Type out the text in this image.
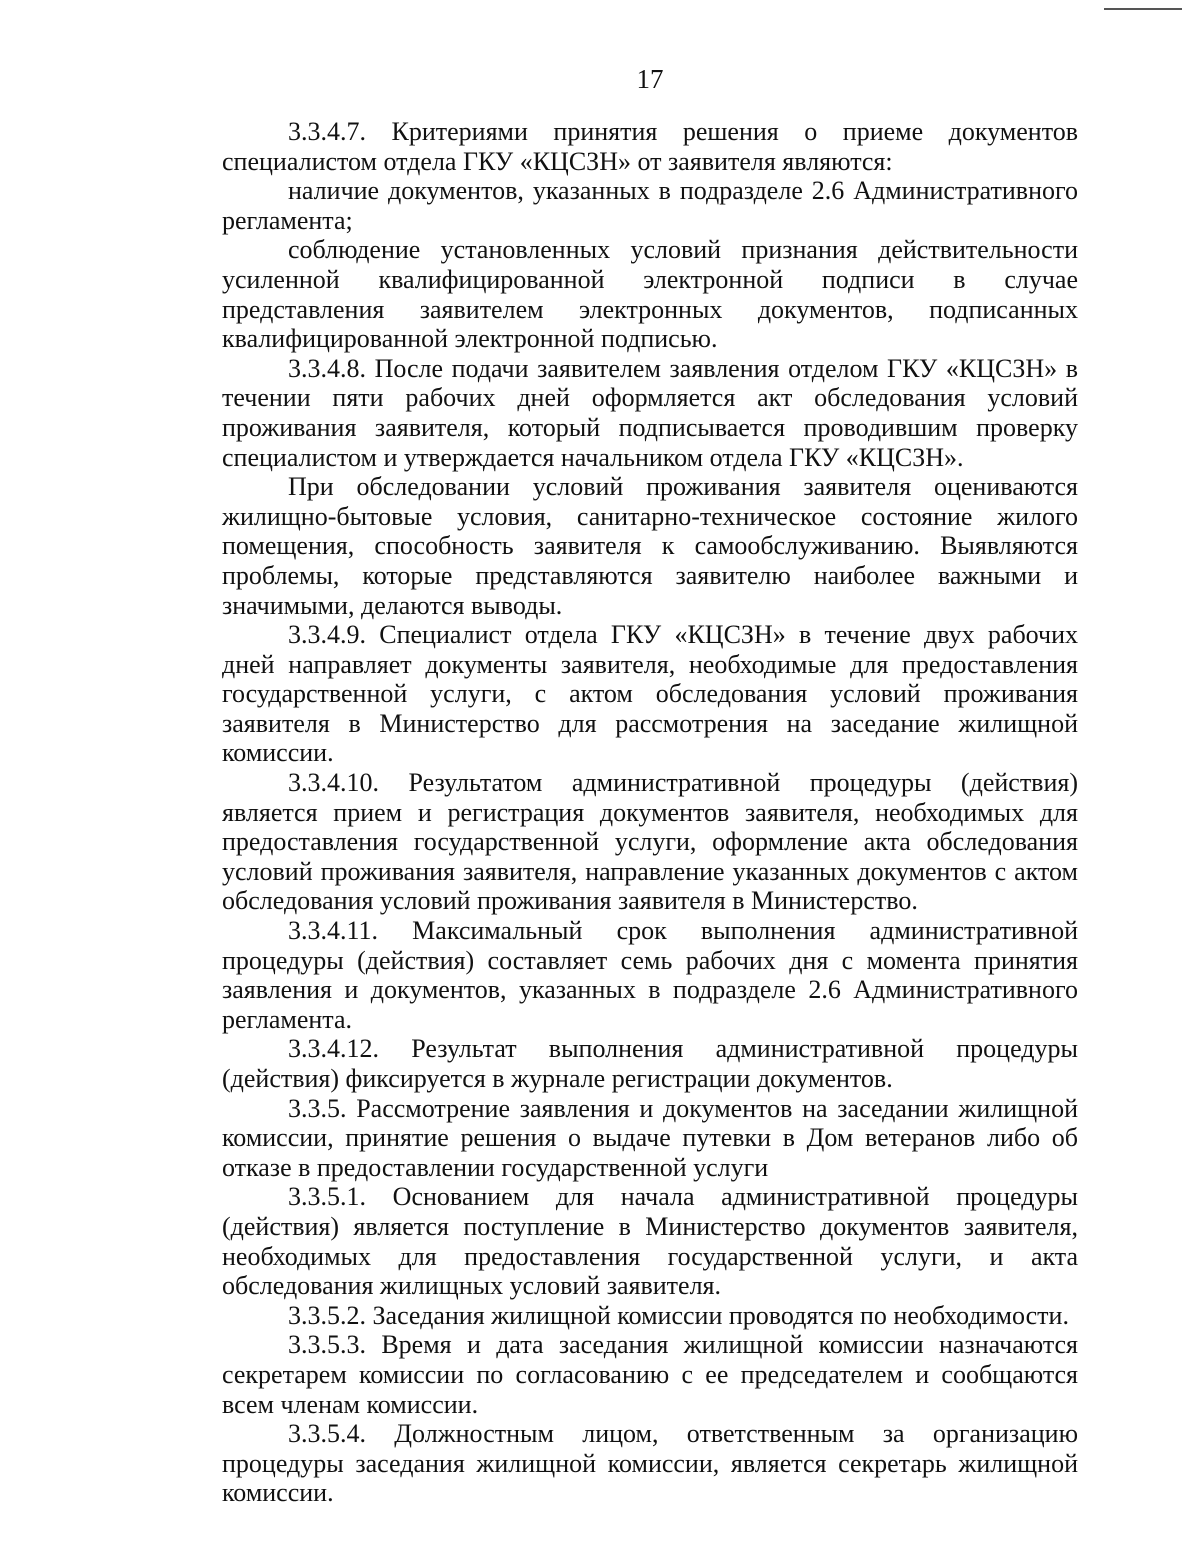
17

3.3.4.7. Критериями принятия решения о приеме документов специалистом отдела ГКУ «КЦСЗН» от заявителя являются:

наличие документов, указанных в подразделе 2.6 Административного регламента;

соблюдение установленных условий признания действительности усиленной квалифицированной электронной подписи в случае представления заявителем электронных документов, подписанных квалифицированной электронной подписью.

3.3.4.8. После подачи заявителем заявления отделом ГКУ «КЦСЗН» в течении пяти рабочих дней оформляется акт обследования условий проживания заявителя, который подписывается проводившим проверку специалистом и утверждается начальником отдела ГКУ «КЦСЗН».

При обследовании условий проживания заявителя оцениваются жилищно-бытовые условия, санитарно-техническое состояние жилого помещения, способность заявителя к самообслуживанию. Выявляются проблемы, которые представляются заявителю наиболее важными и значимыми, делаются выводы.

3.3.4.9. Специалист отдела ГКУ «КЦСЗН» в течение двух рабочих дней направляет документы заявителя, необходимые для предоставления государственной услуги, с актом обследования условий проживания заявителя в Министерство для рассмотрения на заседание жилищной комиссии.

3.3.4.10. Результатом административной процедуры (действия) является прием и регистрация документов заявителя, необходимых для предоставления государственной услуги, оформление акта обследования условий проживания заявителя, направление указанных документов с актом обследования условий проживания заявителя в Министерство.

3.3.4.11. Максимальный срок выполнения административной процедуры (действия) составляет семь рабочих дня с момента принятия заявления и документов, указанных в подразделе 2.6 Административного регламента.

3.3.4.12. Результат выполнения административной процедуры (действия) фиксируется в журнале регистрации документов.

3.3.5. Рассмотрение заявления и документов на заседании жилищной комиссии, принятие решения о выдаче путевки в Дом ветеранов либо об отказе в предоставлении государственной услуги

3.3.5.1. Основанием для начала административной процедуры (действия) является поступление в Министерство документов заявителя, необходимых для предоставления государственной услуги, и акта обследования жилищных условий заявителя.

3.3.5.2. Заседания жилищной комиссии проводятся по необходимости.

3.3.5.3. Время и дата заседания жилищной комиссии назначаются секретарем комиссии по согласованию с ее председателем и сообщаются всем членам комиссии.

3.3.5.4. Должностным лицом, ответственным за организацию процедуры заседания жилищной комиссии, является секретарь жилищной комиссии.
